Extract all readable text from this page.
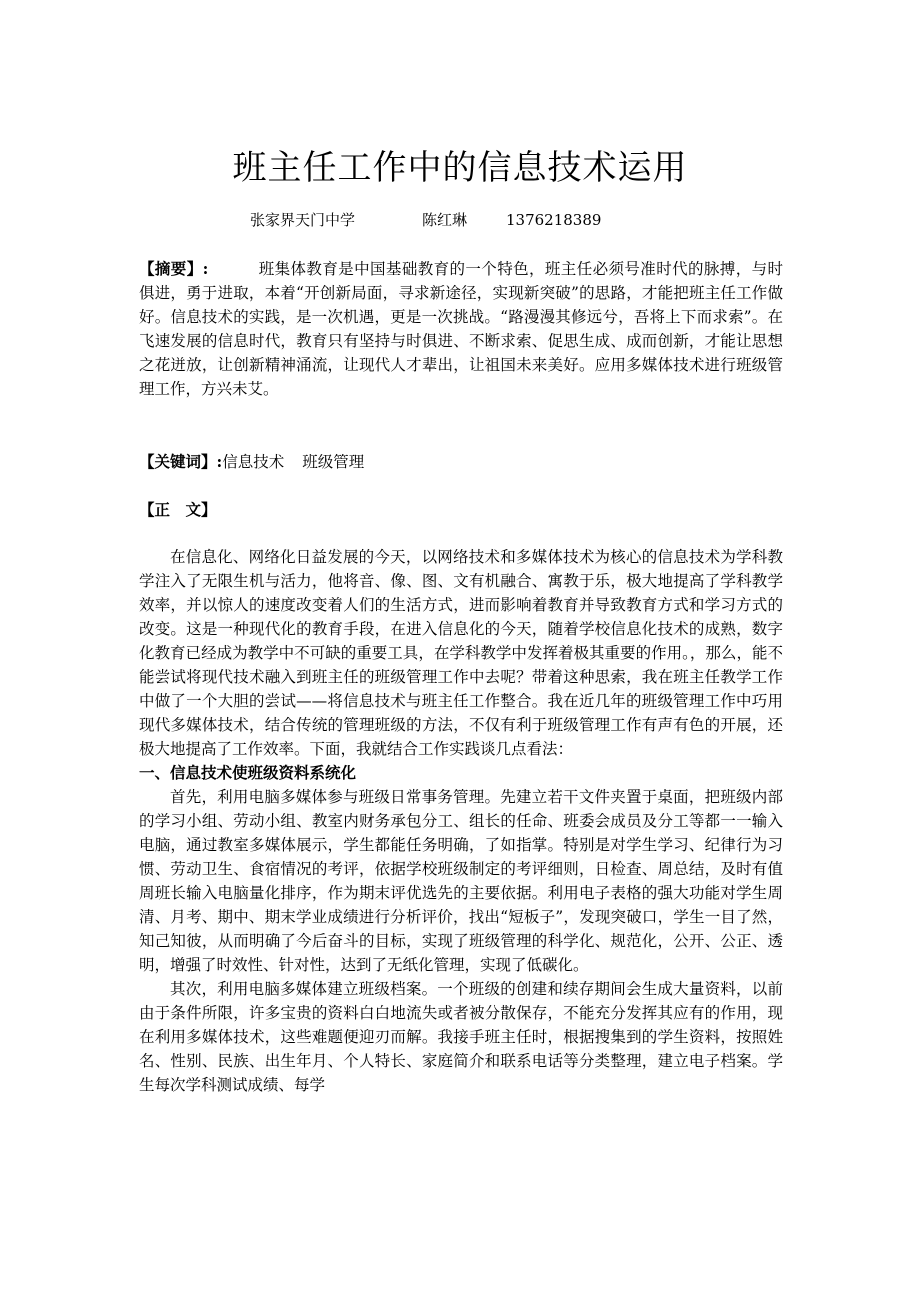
班主任工作中的信息技术运用
张家界天门中学	陈红琳	1376218389

【摘要】:	班集体教育是中国基础教育的一个特色，班主任必须号准时代的脉搏，与时俱进，勇于进取，本着“开创新局面，寻求新途径，实现新突破”的思路，才能把班主任工作做好。信息技术的实践，是一次机遇，更是一次挑战。“路漫漫其修远兮，吾将上下而求索”。在飞速发展的信息时代，教育只有坚持与时俱进、不断求索、促思生成、成而创新，才能让思想之花迸放，让创新精神涌流，让现代人才辈出，让祖国未来美好。应用多媒体技术进行班级管理工作，方兴未艾。

【关键词】:信息技术 班级管理

【正　文】

在信息化、网络化日益发展的今天，以网络技术和多媒体技术为核心的信息技术为学科教学注入了无限生机与活力，他将音、像、图、文有机融合、寓教于乐，极大地提高了学科教学效率，并以惊人的速度改变着人们的生活方式，进而影响着教育并导致教育方式和学习方式的改变。这是一种现代化的教育手段，在进入信息化的今天，随着学校信息化技术的成熟，数字化教育已经成为教学中不可缺的重要工具，在学科教学中发挥着极其重要的作用。，那么，能不能尝试将现代技术融入到班主任的班级管理工作中去呢？带着这种思索，我在班主任教学工作中做了一个大胆的尝试——将信息技术与班主任工作整合。我在近几年的班级管理工作中巧用现代多媒体技术，结合传统的管理班级的方法，不仅有利于班级管理工作有声有色的开展，还极大地提高了工作效率。下面，我就结合工作实践谈几点看法：

一、信息技术使班级资料系统化

首先，利用电脑多媒体参与班级日常事务管理。先建立若干文件夹置于桌面，把班级内部的学习小组、劳动小组、教室内财务承包分工、组长的任命、班委会成员及分工等都一一输入电脑，通过教室多媒体展示，学生都能任务明确，了如指掌。特别是对学生学习、纪律行为习惯、劳动卫生、食宿情况的考评，依据学校班级制定的考评细则，日检查、周总结，及时有值周班长输入电脑量化排序，作为期末评优选先的主要依据。利用电子表格的强大功能对学生周清、月考、期中、期末学业成绩进行分析评价，找出“短板子”，发现突破口，学生一目了然，知己知彼，从而明确了今后奋斗的目标，实现了班级管理的科学化、规范化，公开、公正、透明，增强了时效性、针对性，达到了无纸化管理，实现了低碳化。

其次，利用电脑多媒体建立班级档案。一个班级的创建和续存期间会生成大量资料，以前由于条件所限，许多宝贵的资料白白地流失或者被分散保存，不能充分发挥其应有的作用，现在利用多媒体技术，这些难题便迎刃而解。我接手班主任时，根据搜集到的学生资料，按照姓名、性别、民族、出生年月、个人特长、家庭简介和联系电话等分类整理，建立电子档案。学生每次学科测试成绩、每学
